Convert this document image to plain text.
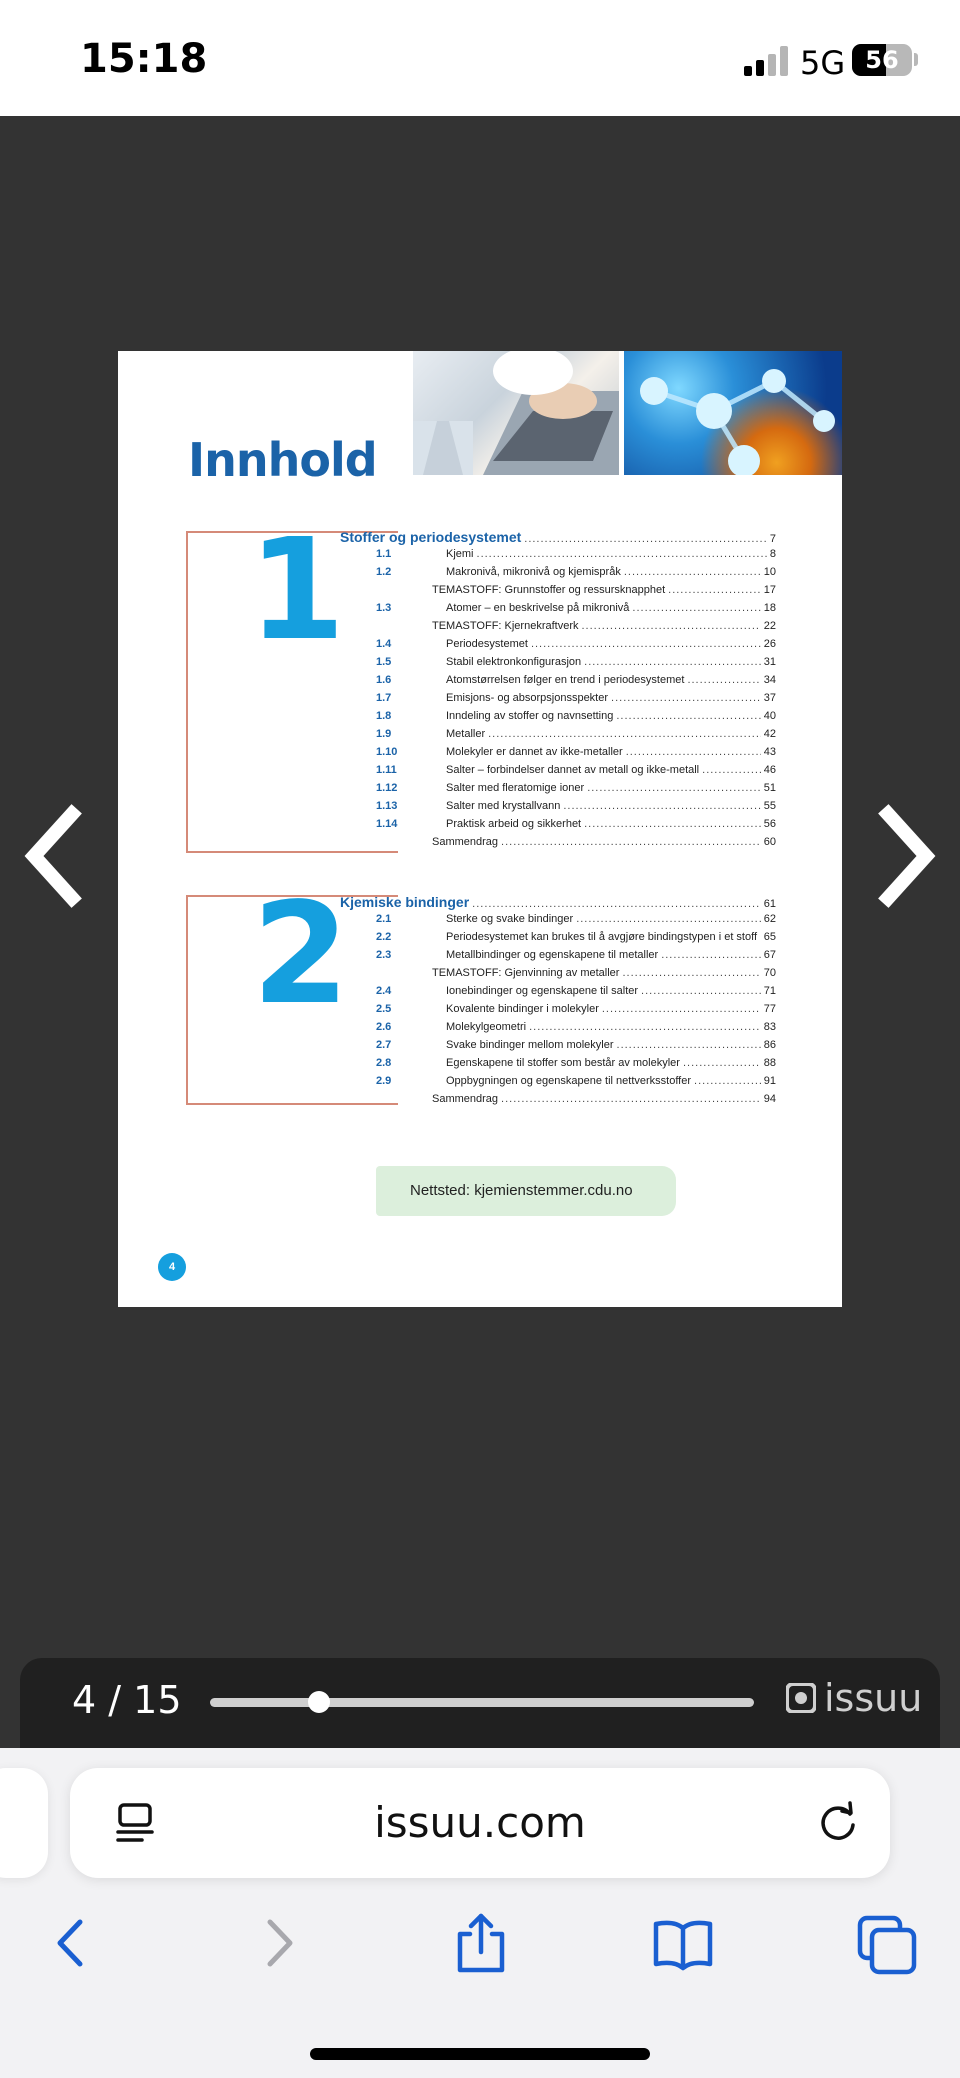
15:18	5G 56
Innhold
1
2
Stoffer og periodesystemet .....	7
1.1	Kjemi .....	8
1.2	Makronivå, mikronivå og kjemispråk .....	10
TEMASTOFF: Grunnstoffer og ressursknapphet .....	17
1.3	Atomer – en beskrivelse på mikronivå .....	18
TEMASTOFF: Kjernekraftverk .....	22
1.4	Periodesystemet .....	26
1.5	Stabil elektronkonfigurasjon .....	31
1.6	Atomstørrelsen følger en trend i periodesystemet .....	34
1.7	Emisjons- og absorpsjonsspekter .....	37
1.8	Inndeling av stoffer og navnsetting .....	40
1.9	Metaller .....	42
1.10	Molekyler er dannet av ikke-metaller .....	43
1.11	Salter – forbindelser dannet av metall og ikke-metall .....	46
1.12	Salter med fleratomige ioner .....	51
1.13	Salter med krystallvann .....	55
1.14	Praktisk arbeid og sikkerhet .....	56
Sammendrag .....	60
Kjemiske bindinger .....	61
2.1	Sterke og svake bindinger .....	62
2.2	Periodesystemet kan brukes til å avgjøre bindingstypen i et stoff ..... 65
2.3	Metallbindinger og egenskapene til metaller .....	67
TEMASTOFF: Gjenvinning av metaller .....	70
2.4	Ionebindinger og egenskapene til salter .....	71
2.5	Kovalente bindinger i molekyler .....	77
2.6	Molekylgeometri .....	83
2.7	Svake bindinger mellom molekyler .....	86
2.8	Egenskapene til stoffer som består av molekyler .....	88
2.9	Oppbygningen og egenskapene til nettverksstoffer .....	91
Sammendrag .....	94
Nettsted: kjemienstemmer.cdu.no
4
4 / 15	issuu
issuu.com
